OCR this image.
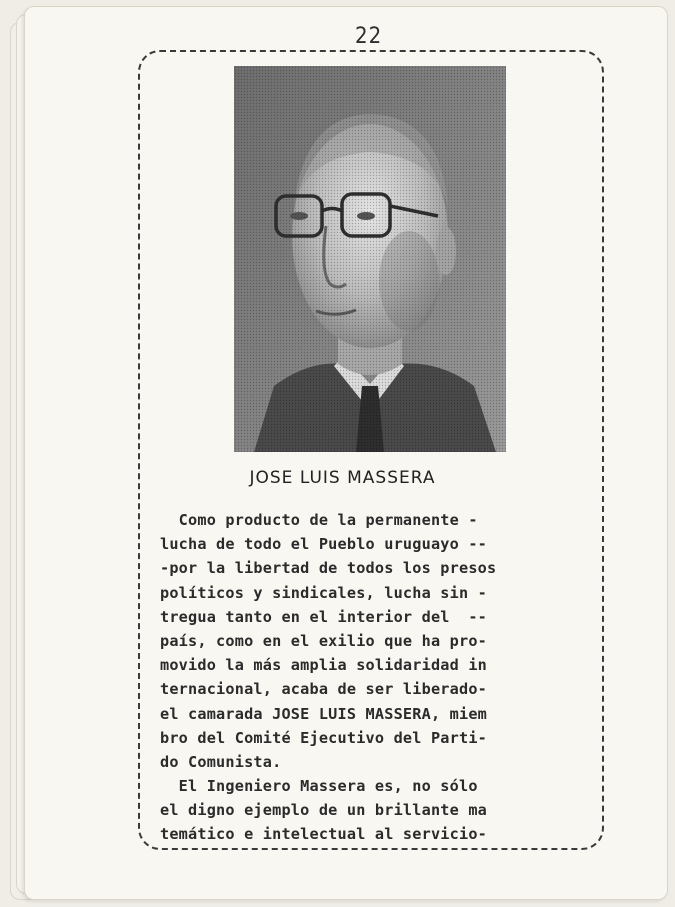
22
JOSE LUIS MASSERA
Como producto de la permanente -
lucha de todo el Pueblo uruguayo --
-por la libertad de todos los presos
políticos y sindicales, lucha sin -
tregua tanto en el interior del  --
país, como en el exilio que ha pro-
movido la más amplia solidaridad in
ternacional, acaba de ser liberado-
el camarada JOSE LUIS MASSERA, miem
bro del Comité Ejecutivo del Parti-
do Comunista.
El Ingeniero Massera es, no sólo
el digno ejemplo de un brillante ma
temático e intelectual al servicio-
